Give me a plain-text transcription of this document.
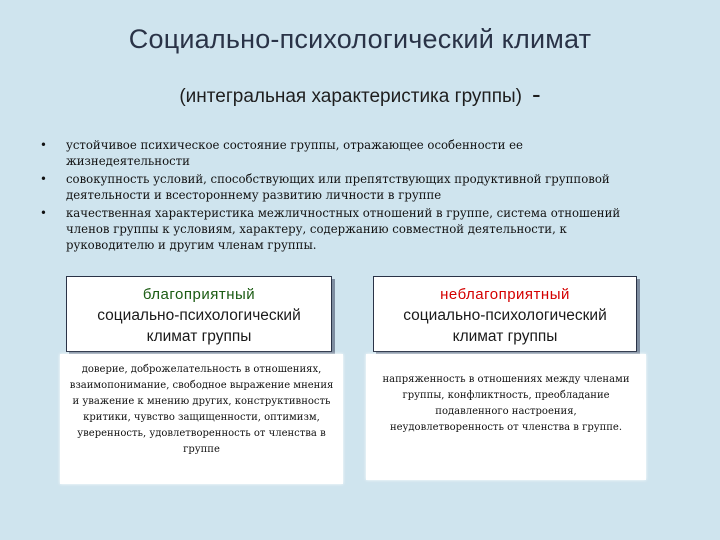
Социально-психологический климат
(интегральная характеристика группы) -
• устойчивое психическое состояние группы, отражающее особенности ее жизнедеятельности
• совокупность условий, способствующих или препятствующих продуктивной групповой деятельности и всестороннему развитию личности в группе
• качественная характеристика межличностных отношений в группе, система отношений членов группы к условиям, характеру, содержанию совместной деятельности, к руководителю и другим членам группы.
благоприятный
социально-психологический
климат группы
неблагоприятный
социально-психологический
климат группы
доверие, доброжелательность в отношениях, взаимопонимание, свободное выражение мнения и уважение к мнению других, конструктивность критики, чувство защищенности, оптимизм, уверенность, удовлетворенность от членства в группе
напряженность в отношениях между членами группы, конфликтность, преобладание подавленного настроения, неудовлетворенность от членства в группе.
